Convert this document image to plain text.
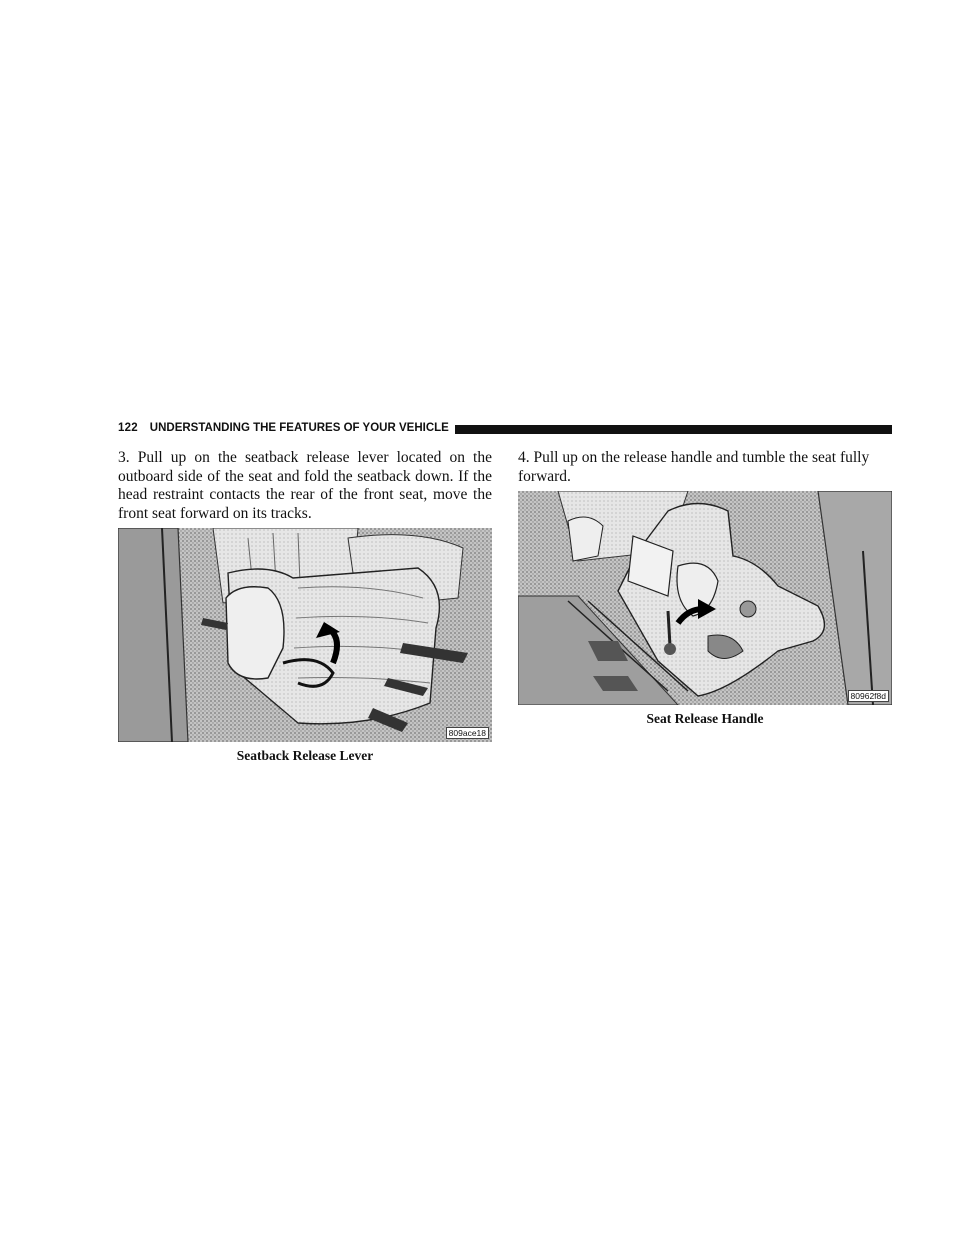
122 UNDERSTANDING THE FEATURES OF YOUR VEHICLE

3. Pull up on the seatback release lever located on the outboard side of the seat and fold the seatback down. If the head restraint contacts the rear of the front seat, move the front seat forward on its tracks.

4. Pull up on the release handle and tumble the seat fully forward.

809ace18
Seatback Release Lever
80962f8d
Seat Release Handle
